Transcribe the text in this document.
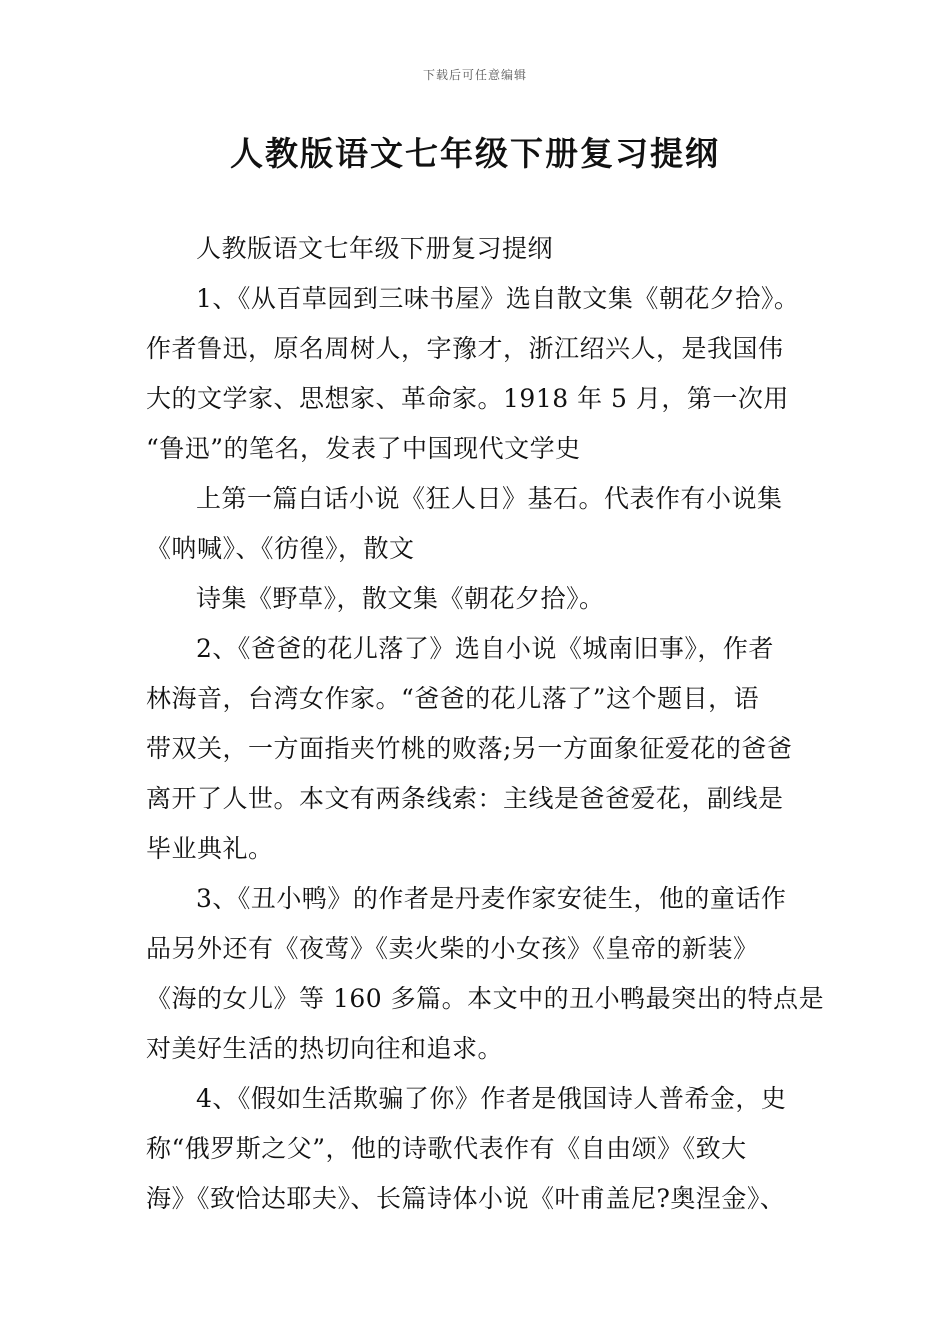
下载后可任意编辑
人教版语文七年级下册复习提纲
人教版语文七年级下册复习提纲
1、《从百草园到三味书屋》选自散文集《朝花夕拾》。
作者鲁迅，原名周树人，字豫才，浙江绍兴人，是我国伟
大的文学家、思想家、革命家。1918 年 5 月，第一次用
“鲁迅”的笔名，发表了中国现代文学史
上第一篇白话小说《狂人日》基石。代表作有小说集
《呐喊》、《彷徨》，散文
诗集《野草》，散文集《朝花夕拾》。
2、《爸爸的花儿落了》选自小说《城南旧事》，作者
林海音，台湾女作家。“爸爸的花儿落了”这个题目，语
带双关，一方面指夹竹桃的败落;另一方面象征爱花的爸爸
离开了人世。本文有两条线索：主线是爸爸爱花，副线是
毕业典礼。
3、《丑小鸭》的作者是丹麦作家安徒生，他的童话作
品另外还有《夜莺》《卖火柴的小女孩》《皇帝的新装》
《海的女儿》等 160 多篇。本文中的丑小鸭最突出的特点是
对美好生活的热切向往和追求。
4、《假如生活欺骗了你》作者是俄国诗人普希金，史
称“俄罗斯之父”，他的诗歌代表作有《自由颂》《致大
海》《致恰达耶夫》、长篇诗体小说《叶甫盖尼?奥涅金》、
